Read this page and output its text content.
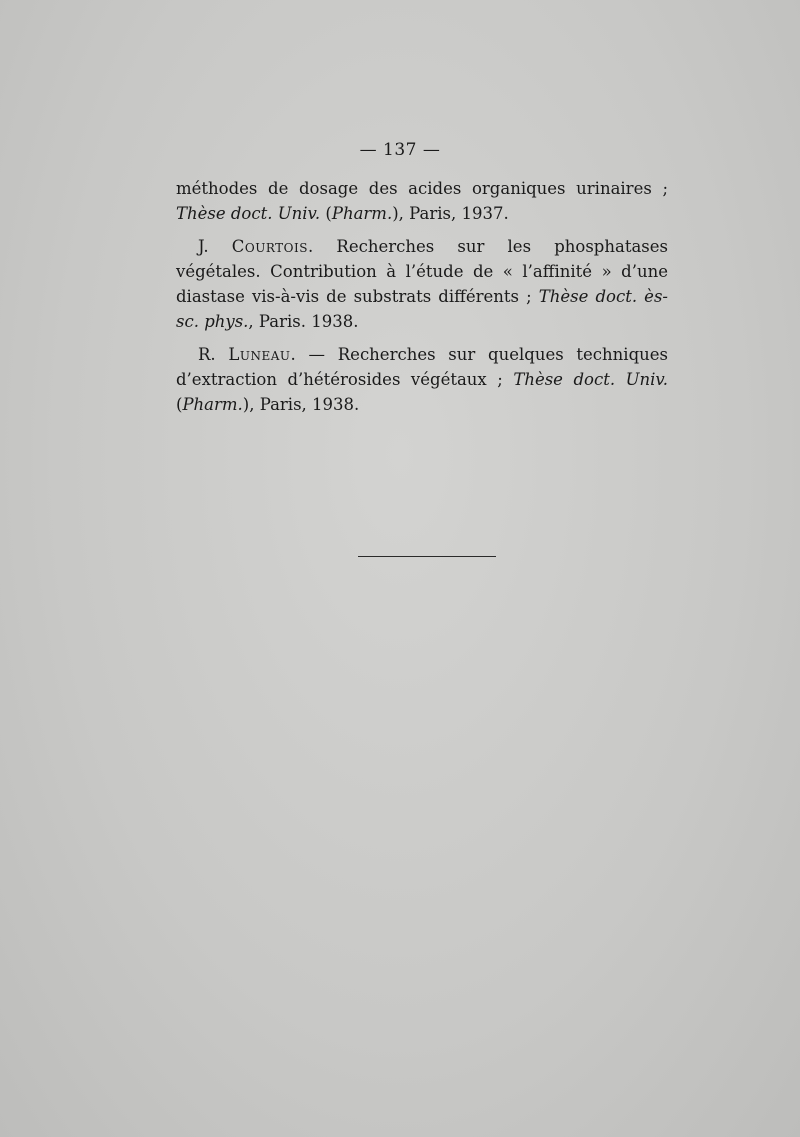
— 137 —

méthodes de dosage des acides organiques urinaires ; Thèse doct. Univ. (Pharm.), Paris, 1937.

J. Courtois. Recherches sur les phosphatases végétales. Contribution à l’étude de « l’affinité » d’une diastase vis-à-vis de substrats différents ; Thèse doct. ès-sc. phys., Paris. 1938.

R. Luneau. — Recherches sur quelques techniques d’extraction d’hétérosides végétaux ; Thèse doct. Univ. (Pharm.), Paris, 1938.
